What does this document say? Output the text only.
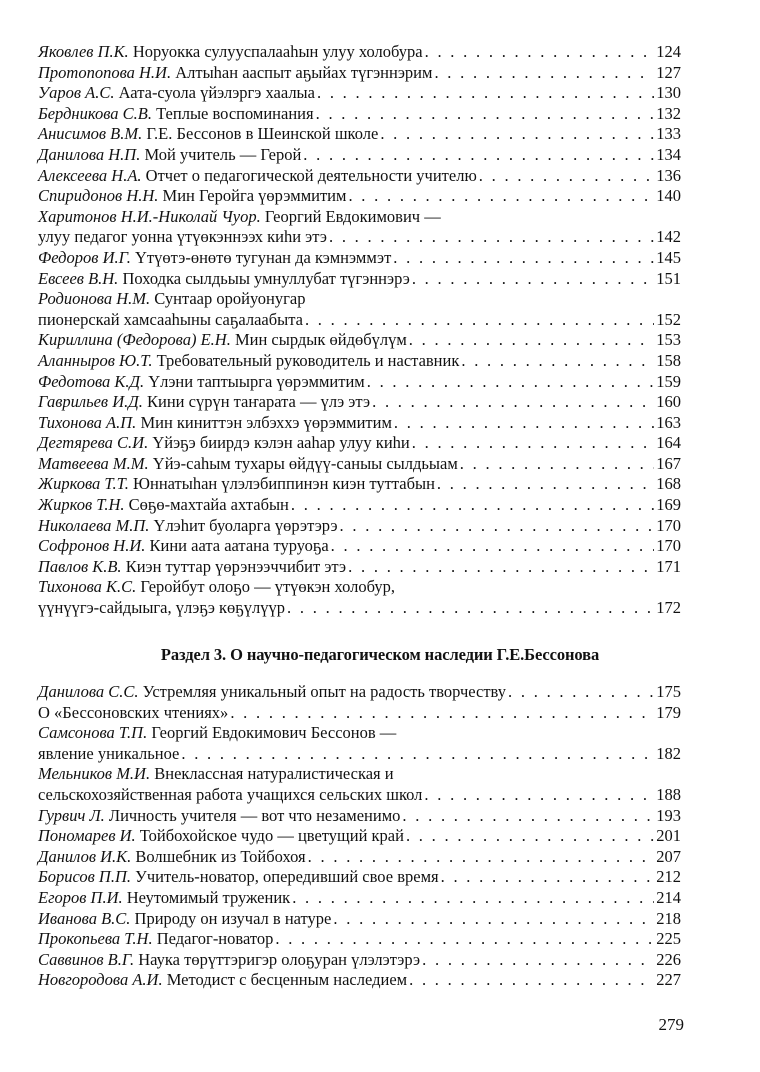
Яковлев П.К. Норуокка сулууспалааһын улуу холобура . . .	124
Протопопова Н.И. Алтыһан ааспыт аҕыйах түгэннэрим . . .	127
Уаров А.С. Аата-суола үйэлэргэ хаалыа . . .	130
Бердникова С.В. Теплые воспоминания . . .	132
Анисимов В.М. Г.Е. Бессонов в Шеинской школе . . .	133
Данилова Н.П. Мой учитель — Герой . . .	134
Алексеева Н.А. Отчет о педагогической деятельности учителю . . .	136
Спиридонов Н.Н. Мин Геройга үөрэммитим . . .	140
Харитонов Н.И.-Николай Чуор. Георгий Евдокимович —
улуу педагог уонна үтүөкэннээх киһи этэ . . .	142
Федоров И.Г. Үтүөтэ-өнөтө тугунан да кэмнэммэт . . .	145
Евсеев В.Н. Походка сылдьыы умнуллубат түгэннэрэ . . .	151
Родионова Н.М. Сунтаар оройуонугар
пионерскай хамсааһыны саҕалаабыта . . .	152
Кириллина (Федорова) Е.Н. Мин сырдык өйдөбүлүм . . .	153
Аланныров Ю.Т. Требовательный руководитель и наставник . . .	158
Федотова К.Д. Үлэни таптыырга үөрэммитим . . .	159
Гаврильев И.Д. Кини сүрүн таҥарата — үлэ этэ . . .	160
Тихонова А.П. Мин киниттэн элбэххэ үөрэммитим . . .	163
Дегтярева С.И. Үйэҕэ биирдэ кэлэн ааһар улуу киһи . . .	164
Матвеева М.М. Үйэ-саһым тухары өйдүү-саныы сылдьыам . . .	167
Жиркова Т.Т. Юннатыһан үлэлэбиппинэн киэн туттабын . . .	168
Жирков Т.Н. Сөҕө-махтайа ахтабын . . .	169
Николаева М.П. Үлэһит буоларга үөрэтэрэ . . .	170
Софронов Н.И. Кини аата аатана туруоҕа . . .	170
Павлов К.В. Киэн туттар үөрэнээччибит этэ . . .	171
Тихонова К.С. Геройбут олоҕо — үтүөкэн холобур,
үүнүүгэ-сайдыыга, үлэҕэ көҕүлүүр . . .	172
Раздел 3. О научно-педагогическом наследии Г.Е.Бессонова
Данилова С.С. Устремляя уникальный опыт на радость творчеству . . .	175
О «Бессоновских чтениях» . . .	179
Самсонова Т.П. Георгий Евдокимович Бессонов —
явление уникальное . . .	182
Мельников М.И. Внеклассная натуралистическая и
сельскохозяйственная работа учащихся сельских школ . . .	188
Гурвич Л. Личность учителя — вот что незаменимо . . .	193
Пономарев И. Тойбохойское чудо — цветущий край . . .	201
Данилов И.К. Волшебник из Тойбохоя . . .	207
Борисов П.П. Учитель-новатор, опередивший свое время . . .	212
Егоров П.И. Неутомимый труженик . . .	214
Иванова В.С. Природу он изучал в натуре . . .	218
Прокопьева Т.Н. Педагог-новатор . . .	225
Саввинов В.Г. Наука төрүттэригэр олоҕуран үлэлэтэрэ . . .	226
Новгородова А.И. Методист с бесценным наследием . . .	227
279
